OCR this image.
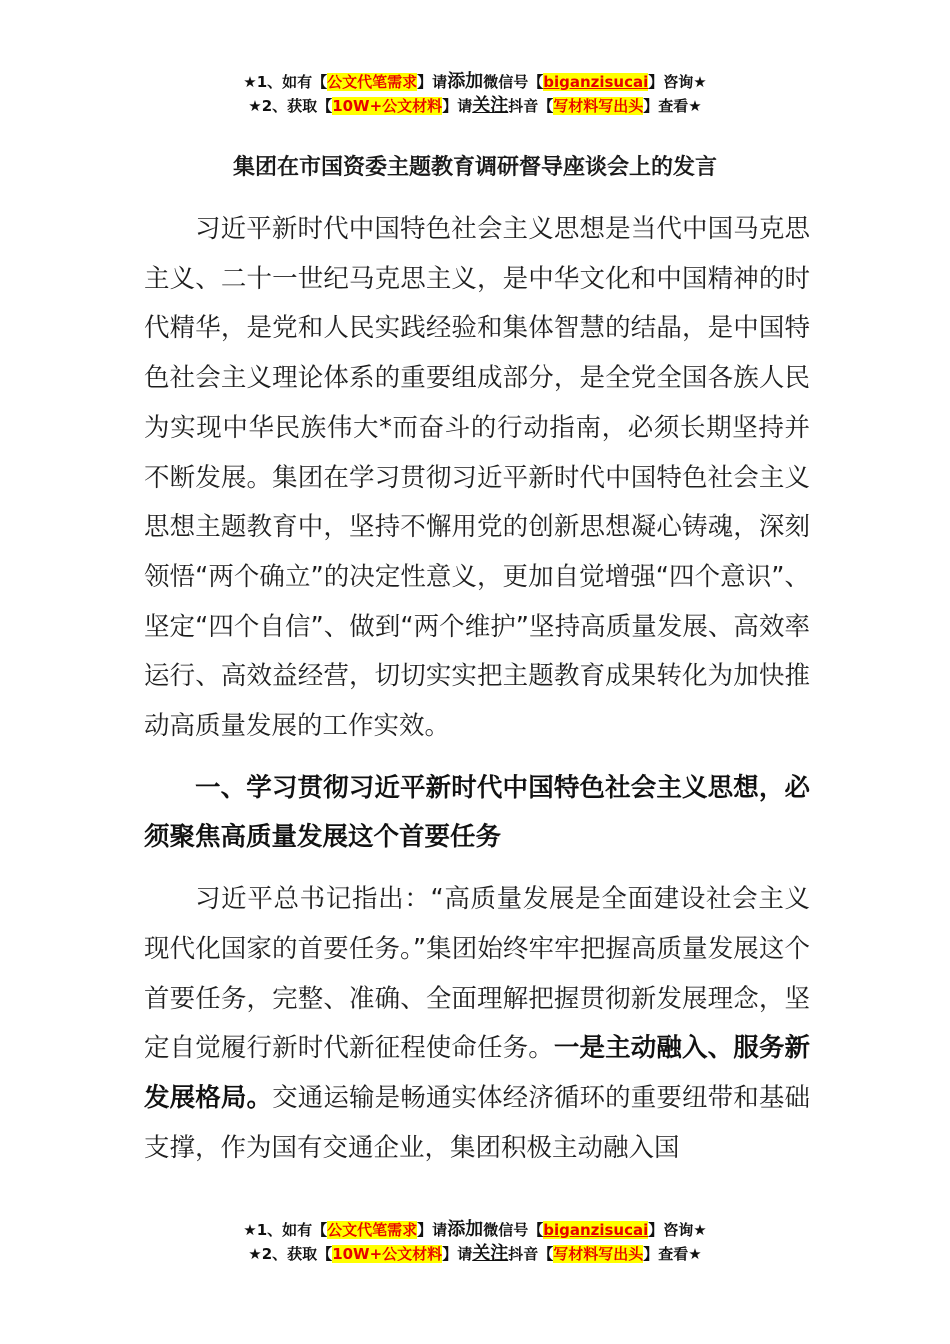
★1、如有【公文代笔需求】请添加微信号【biganzisucai】咨询★
★2、获取【10W+公文材料】请关注抖音【写材料写出头】查看★
集团在市国资委主题教育调研督导座谈会上的发言

习近平新时代中国特色社会主义思想是当代中国马克思主义、二十一世纪马克思主义，是中华文化和中国精神的时代精华，是党和人民实践经验和集体智慧的结晶，是中国特色社会主义理论体系的重要组成部分，是全党全国各族人民为实现中华民族伟大*而奋斗的行动指南，必须长期坚持并不断发展。集团在学习贯彻习近平新时代中国特色社会主义思想主题教育中，坚持不懈用党的创新思想凝心铸魂，深刻领悟“两个确立”的决定性意义，更加自觉增强“四个意识”、坚定“四个自信”、做到“两个维护”坚持高质量发展、高效率运行、高效益经营，切切实实把主题教育成果转化为加快推动高质量发展的工作实效。

一、学习贯彻习近平新时代中国特色社会主义思想，必须聚焦高质量发展这个首要任务

习近平总书记指出：“高质量发展是全面建设社会主义现代化国家的首要任务。”集团始终牢牢把握高质量发展这个首要任务，完整、准确、全面理解把握贯彻新发展理念，坚定自觉履行新时代新征程使命任务。一是主动融入、服务新发展格局。交通运输是畅通实体经济循环的重要纽带和基础支撑，作为国有交通企业，集团积极主动融入国

★1、如有【公文代笔需求】请添加微信号【biganzisucai】咨询★
★2、获取【10W+公文材料】请关注抖音【写材料写出头】查看★
